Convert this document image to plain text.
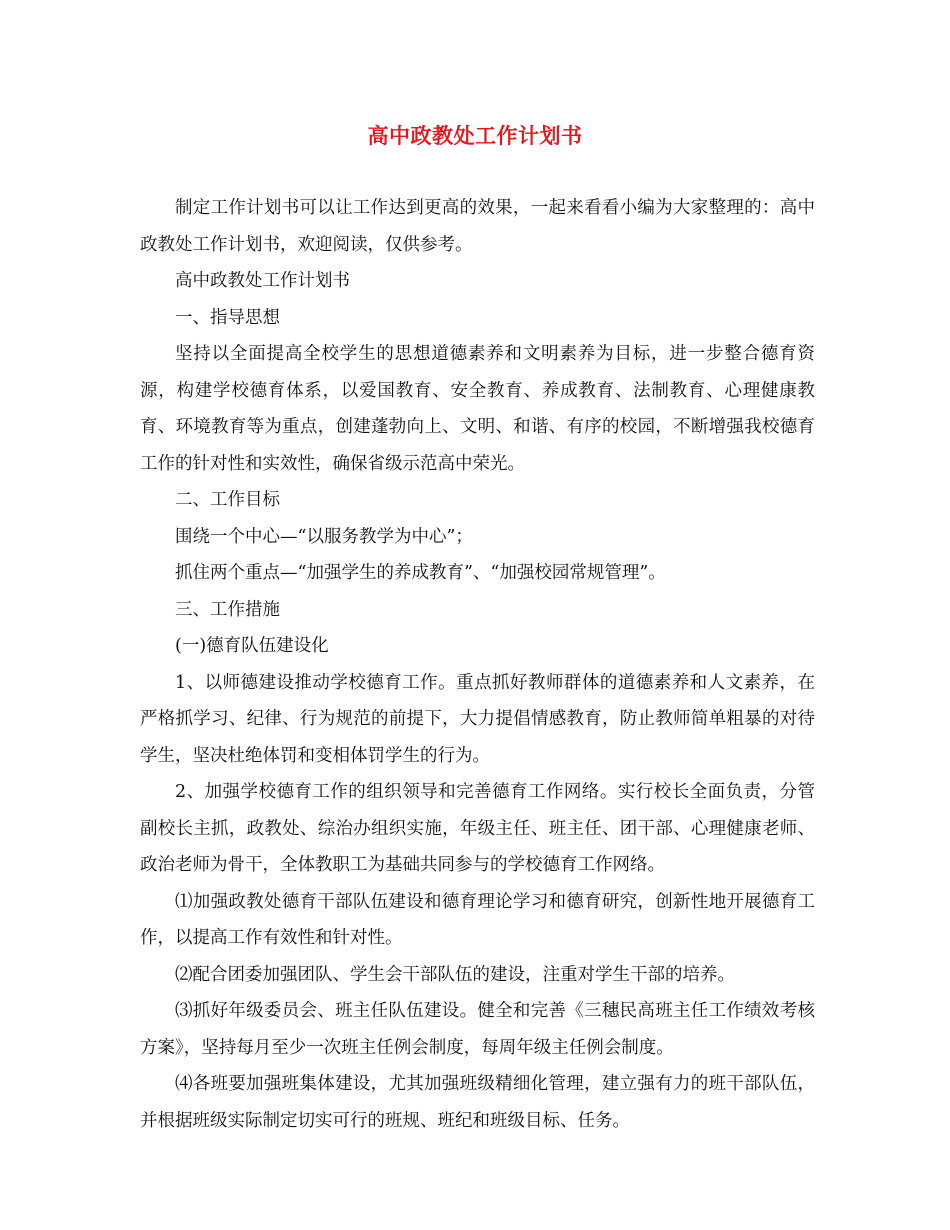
高中政教处工作计划书

制定工作计划书可以让工作达到更高的效果，一起来看看小编为大家整理的：高中政教处工作计划书，欢迎阅读，仅供参考。

高中政教处工作计划书

一、指导思想

坚持以全面提高全校学生的思想道德素养和文明素养为目标，进一步整合德育资源，构建学校德育体系，以爱国教育、安全教育、养成教育、法制教育、心理健康教育、环境教育等为重点，创建蓬勃向上、文明、和谐、有序的校园，不断增强我校德育工作的针对性和实效性，确保省级示范高中荣光。

二、工作目标

围绕一个中心—“以服务教学为中心”；

抓住两个重点—“加强学生的养成教育”、“加强校园常规管理”。

三、工作措施

(一)德育队伍建设化

1、以师德建设推动学校德育工作。重点抓好教师群体的道德素养和人文素养，在严格抓学习、纪律、行为规范的前提下，大力提倡情感教育，防止教师简单粗暴的对待学生，坚决杜绝体罚和变相体罚学生的行为。

2、加强学校德育工作的组织领导和完善德育工作网络。实行校长全面负责，分管副校长主抓，政教处、综治办组织实施，年级主任、班主任、团干部、心理健康老师、政治老师为骨干，全体教职工为基础共同参与的学校德育工作网络。

⑴加强政教处德育干部队伍建设和德育理论学习和德育研究，创新性地开展德育工作，以提高工作有效性和针对性。

⑵配合团委加强团队、学生会干部队伍的建设，注重对学生干部的培养。

⑶抓好年级委员会、班主任队伍建设。健全和完善《三穗民高班主任工作绩效考核方案》，坚持每月至少一次班主任例会制度，每周年级主任例会制度。

⑷各班要加强班集体建设，尤其加强班级精细化管理，建立强有力的班干部队伍，并根据班级实际制定切实可行的班规、班纪和班级目标、任务。
